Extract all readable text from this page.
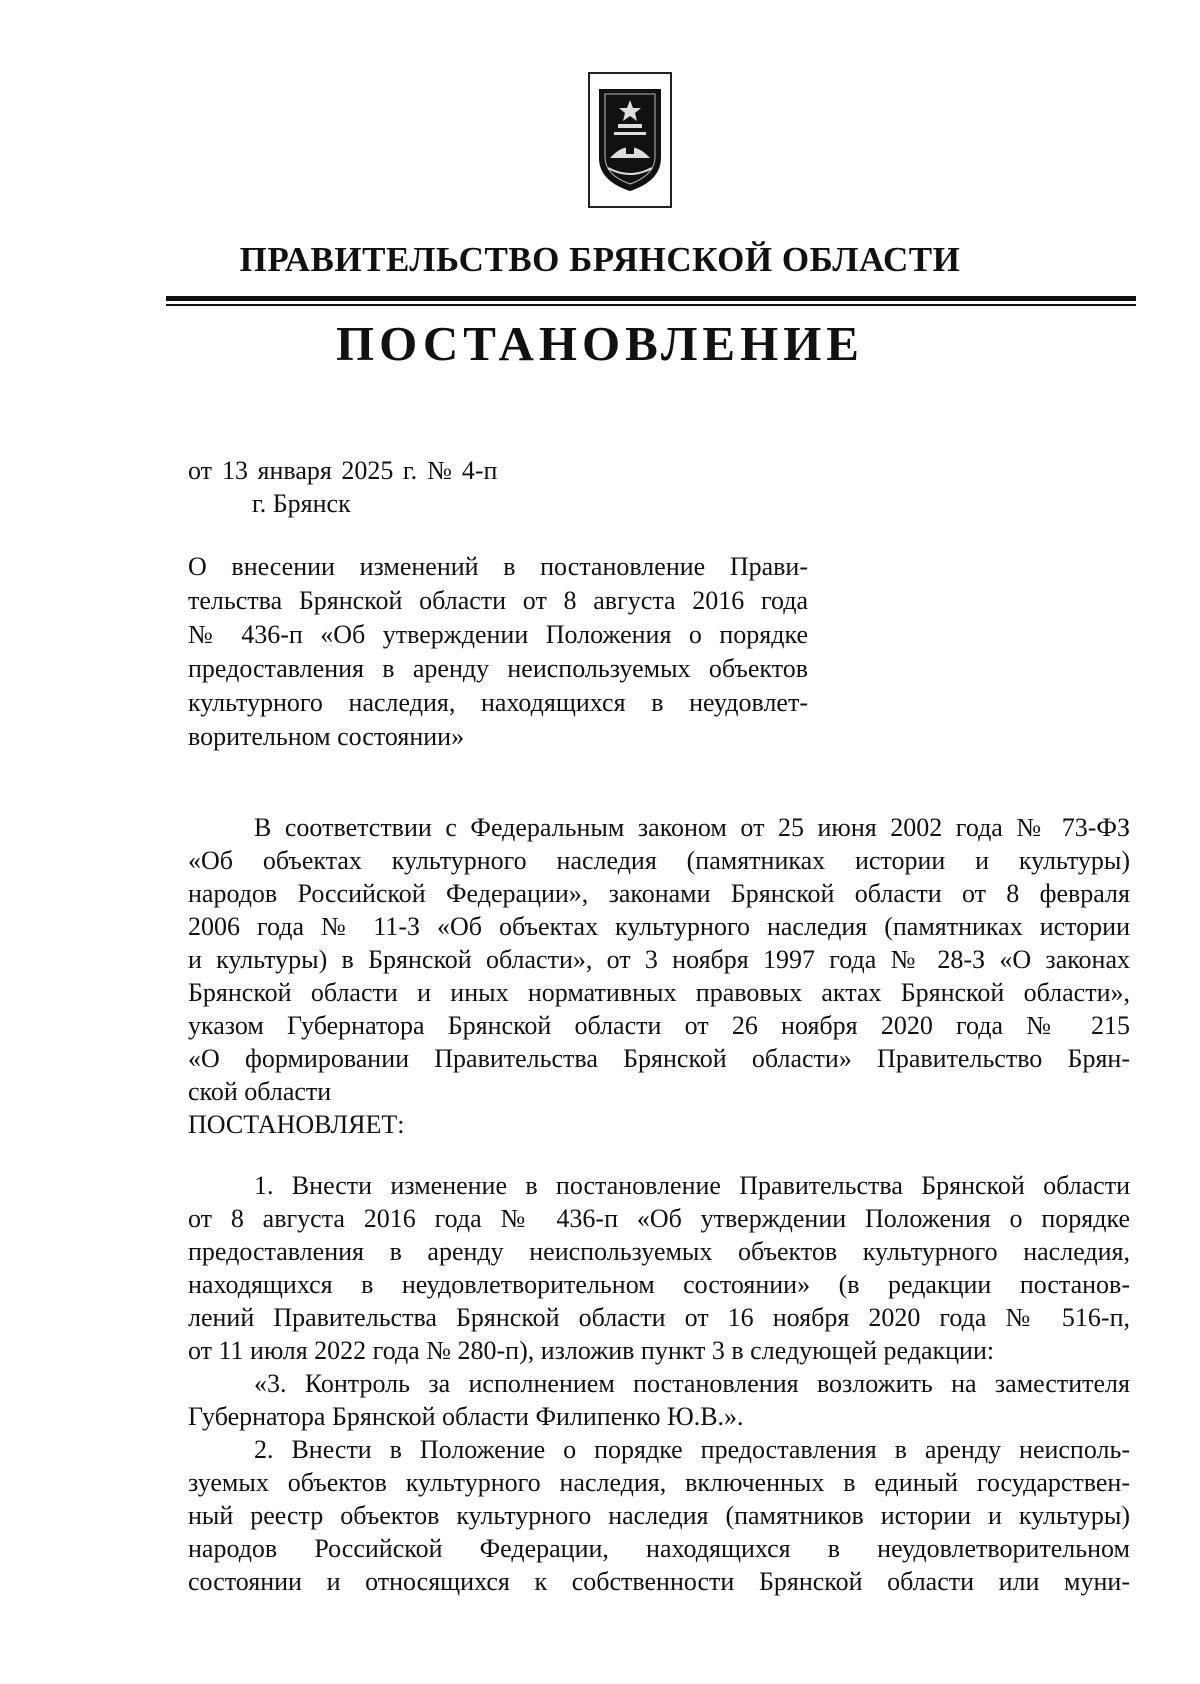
ПРАВИТЕЛЬСТВО БРЯНСКОЙ ОБЛАСТИ
ПОСТАНОВЛЕНИЕ
от 13 января 2025 г. № 4-п
г. Брянск
О внесении изменений в постановление Прави-
тельства Брянской области от 8 августа 2016 года
№ 436-п «Об утверждении Положения о порядке
предоставления в аренду неиспользуемых объектов
культурного наследия, находящихся в неудовлет-
ворительном состоянии»
В соответствии с Федеральным законом от 25 июня 2002 года № 73-ФЗ
«Об объектах культурного наследия (памятниках истории и культуры)
народов Российской Федерации», законами Брянской области от 8 февраля
2006 года № 11-З «Об объектах культурного наследия (памятниках истории
и культуры) в Брянской области», от 3 ноября 1997 года № 28-З «О законах
Брянской области и иных нормативных правовых актах Брянской области»,
указом Губернатора Брянской области от 26 ноября 2020 года № 215
«О формировании Правительства Брянской области» Правительство Брян-
ской области
ПОСТАНОВЛЯЕТ:
1. Внести изменение в постановление Правительства Брянской области
от 8 августа 2016 года № 436-п «Об утверждении Положения о порядке
предоставления в аренду неиспользуемых объектов культурного наследия,
находящихся в неудовлетворительном состоянии» (в редакции постанов-
лений Правительства Брянской области от 16 ноября 2020 года № 516-п,
от 11 июля 2022 года № 280-п), изложив пункт 3 в следующей редакции:
«3. Контроль за исполнением постановления возложить на заместителя
Губернатора Брянской области Филипенко Ю.В.».
2. Внести в Положение о порядке предоставления в аренду неисполь-
зуемых объектов культурного наследия, включенных в единый государствен-
ный реестр объектов культурного наследия (памятников истории и культуры)
народов Российской Федерации, находящихся в неудовлетворительном
состоянии и относящихся к собственности Брянской области или муни-
